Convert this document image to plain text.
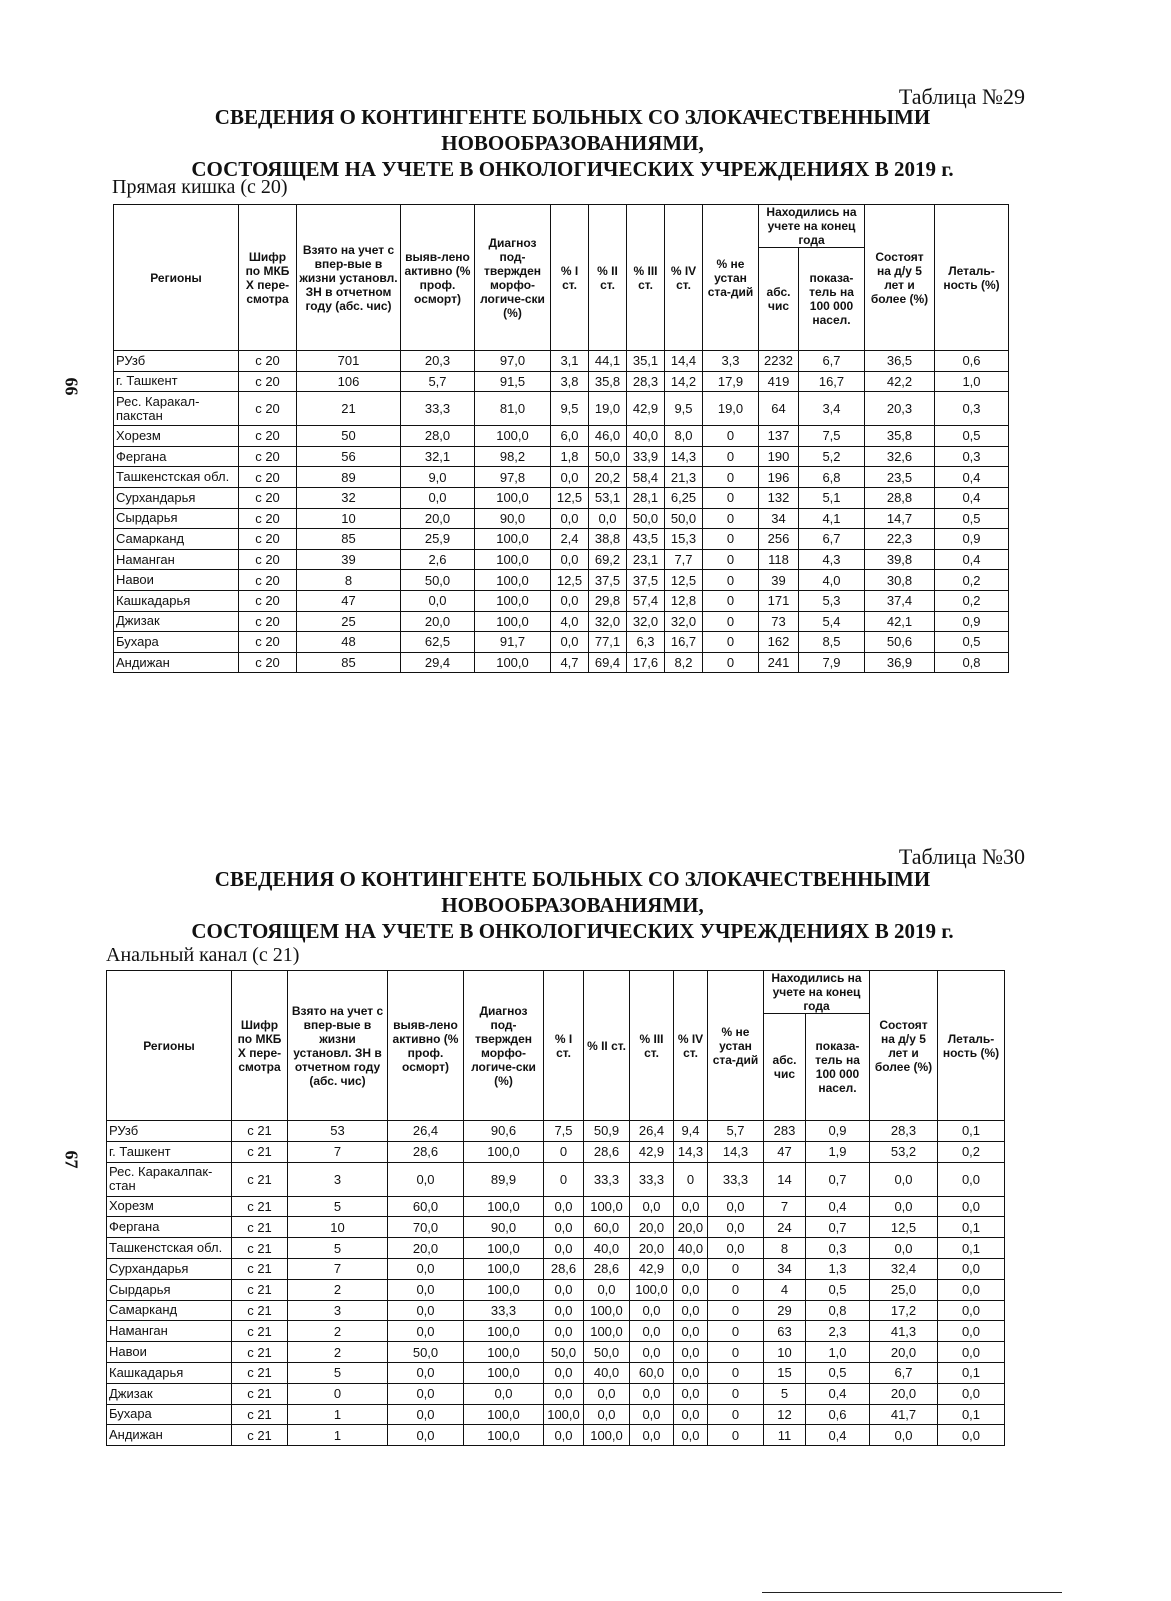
66
67
Таблица №29
СВЕДЕНИЯ О КОНТИНГЕНТЕ БОЛЬНЫХ СО ЗЛОКАЧЕСТВЕННЫМИ НОВООБРАЗОВАНИЯМИ,
СОСТОЯЩЕМ НА УЧЕТЕ В ОНКОЛОГИЧЕСКИХ УЧРЕЖДЕНИЯХ В 2019 г.
Прямая кишка (с 20)
Регионы	Шифр по МКБ X пере-смотра	Взято на учет с впер-вые в жизни установл. ЗН в отчетном году (абс. чис)	выяв-лено активно (% проф. осморт)	Диагноз под-твержден морфо-логиче-ски (%)	% I ст.	% II ст.	% III ст.	% IV ст.	% не устан ста-дий	Находились на учете на конец года		Состоят на д/у 5 лет и более (%)	Леталь-ность (%)
										абс. чис	показа-тель на 100 000 насел.		
РУзб	с 20	701	20,3	97,0	3,1	44,1	35,1	14,4	3,3	2232	6,7	36,5	0,6
г. Ташкент	с 20	106	5,7	91,5	3,8	35,8	28,3	14,2	17,9	419	16,7	42,2	1,0
Рес. Каракал-пакстан	с 20	21	33,3	81,0	9,5	19,0	42,9	9,5	19,0	64	3,4	20,3	0,3
Хорезм	с 20	50	28,0	100,0	6,0	46,0	40,0	8,0	0	137	7,5	35,8	0,5
Фергана	с 20	56	32,1	98,2	1,8	50,0	33,9	14,3	0	190	5,2	32,6	0,3
Ташкенстская обл.	с 20	89	9,0	97,8	0,0	20,2	58,4	21,3	0	196	6,8	23,5	0,4
Сурхандарья	с 20	32	0,0	100,0	12,5	53,1	28,1	6,25	0	132	5,1	28,8	0,4
Сырдарья	с 20	10	20,0	90,0	0,0	0,0	50,0	50,0	0	34	4,1	14,7	0,5
Самарканд	с 20	85	25,9	100,0	2,4	38,8	43,5	15,3	0	256	6,7	22,3	0,9
Наманган	с 20	39	2,6	100,0	0,0	69,2	23,1	7,7	0	118	4,3	39,8	0,4
Навои	с 20	8	50,0	100,0	12,5	37,5	37,5	12,5	0	39	4,0	30,8	0,2
Кашкадарья	с 20	47	0,0	100,0	0,0	29,8	57,4	12,8	0	171	5,3	37,4	0,2
Джизак	с 20	25	20,0	100,0	4,0	32,0	32,0	32,0	0	73	5,4	42,1	0,9
Бухара	с 20	48	62,5	91,7	0,0	77,1	6,3	16,7	0	162	8,5	50,6	0,5
Андижан	с 20	85	29,4	100,0	4,7	69,4	17,6	8,2	0	241	7,9	36,9	0,8
Таблица №30
СВЕДЕНИЯ О КОНТИНГЕНТЕ БОЛЬНЫХ СО ЗЛОКАЧЕСТВЕННЫМИ НОВООБРАЗОВАНИЯМИ,
СОСТОЯЩЕМ НА УЧЕТЕ В ОНКОЛОГИЧЕСКИХ УЧРЕЖДЕНИЯХ В 2019 г.
Анальный канал (с 21)
Регионы	Шифр по МКБ X пере-смотра	Взято на учет с впер-вые в жизни установл. ЗН в отчетном году (абс. чис)	выяв-лено активно (% проф. осморт)	Диагноз под-твержден морфо-логиче-ски (%)	% I ст.	% II ст.	% III ст.	% IV ст.	% не устан ста-дий	Находились на учете на конец года		Состоят на д/у 5 лет и более (%)	Леталь-ность (%)
										абс. чис	показа-тель на 100 000 насел.		
РУзб	с 21	53	26,4	90,6	7,5	50,9	26,4	9,4	5,7	283	0,9	28,3	0,1
г. Ташкент	с 21	7	28,6	100,0	0	28,6	42,9	14,3	14,3	47	1,9	53,2	0,2
Рес. Каракалпак-стан	с 21	3	0,0	89,9	0	33,3	33,3	0	33,3	14	0,7	0,0	0,0
Хорезм	с 21	5	60,0	100,0	0,0	100,0	0,0	0,0	0,0	7	0,4	0,0	0,0
Фергана	с 21	10	70,0	90,0	0,0	60,0	20,0	20,0	0,0	24	0,7	12,5	0,1
Ташкенстская обл.	с 21	5	20,0	100,0	0,0	40,0	20,0	40,0	0,0	8	0,3	0,0	0,1
Сурхандарья	с 21	7	0,0	100,0	28,6	28,6	42,9	0,0	0	34	1,3	32,4	0,0
Сырдарья	с 21	2	0,0	100,0	0,0	0,0	100,0	0,0	0	4	0,5	25,0	0,0
Самарканд	с 21	3	0,0	33,3	0,0	100,0	0,0	0,0	0	29	0,8	17,2	0,0
Наманган	с 21	2	0,0	100,0	0,0	100,0	0,0	0,0	0	63	2,3	41,3	0,0
Навои	с 21	2	50,0	100,0	50,0	50,0	0,0	0,0	0	10	1,0	20,0	0,0
Кашкадарья	с 21	5	0,0	100,0	0,0	40,0	60,0	0,0	0	15	0,5	6,7	0,1
Джизак	с 21	0	0,0	0,0	0,0	0,0	0,0	0,0	0	5	0,4	20,0	0,0
Бухара	с 21	1	0,0	100,0	100,0	0,0	0,0	0,0	0	12	0,6	41,7	0,1
Андижан	с 21	1	0,0	100,0	0,0	100,0	0,0	0,0	0	11	0,4	0,0	0,0
